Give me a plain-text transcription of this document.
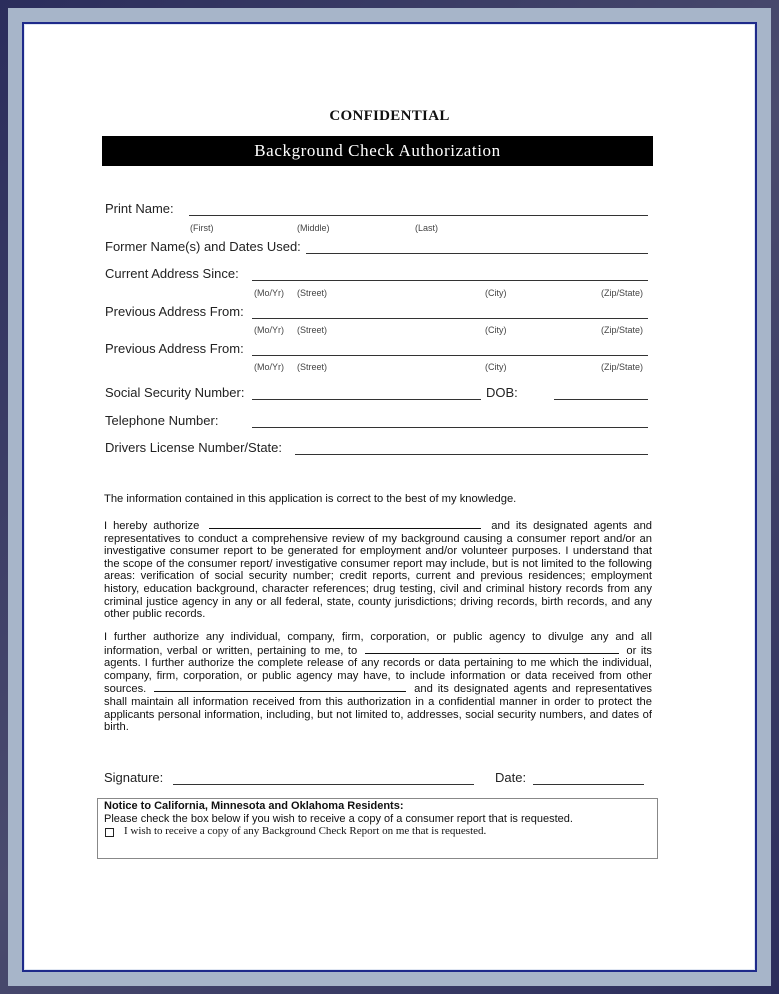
CONFIDENTIAL
Background Check Authorization
Print Name:
(First)	(Middle)	(Last)
Former Name(s) and Dates Used:
Current Address Since:
(Mo/Yr) (Street)	(City)	(Zip/State)
Previous Address From:
(Mo/Yr) (Street)	(City)	(Zip/State)
Previous Address From:
(Mo/Yr) (Street)	(City)	(Zip/State)
Social Security Number:	DOB:
Telephone Number:
Drivers License Number/State:
The information contained in this application is correct to the best of my knowledge.
I hereby authorize	and its designated agents and representatives to conduct a comprehensive review of my background causing a consumer report and/or an investigative consumer report to be generated for employment and/or volunteer purposes. I understand that the scope of the consumer report/ investigative consumer report may include, but is not limited to the following areas: verification of social security number; credit reports, current and previous residences; employment history, education background, character references; drug testing, civil and criminal history records from any criminal justice agency in any or all federal, state, county jurisdictions; driving records, birth records, and any other public records.
I further authorize any individual, company, firm, corporation, or public agency to divulge any and all information, verbal or written, pertaining to me, to	or its agents. I further authorize the complete release of any records or data pertaining to me which the individual, company, firm, corporation, or public agency may have, to include information or data received from other sources.	and its designated agents and representatives shall maintain all information received from this authorization in a confidential manner in order to protect the applicants personal information, including, but not limited to, addresses, social security numbers, and dates of birth.
Signature:	Date:
Notice to California, Minnesota and Oklahoma Residents:
Please check the box below if you wish to receive a copy of a consumer report that is requested.
I wish to receive a copy of any Background Check Report on me that is requested.
